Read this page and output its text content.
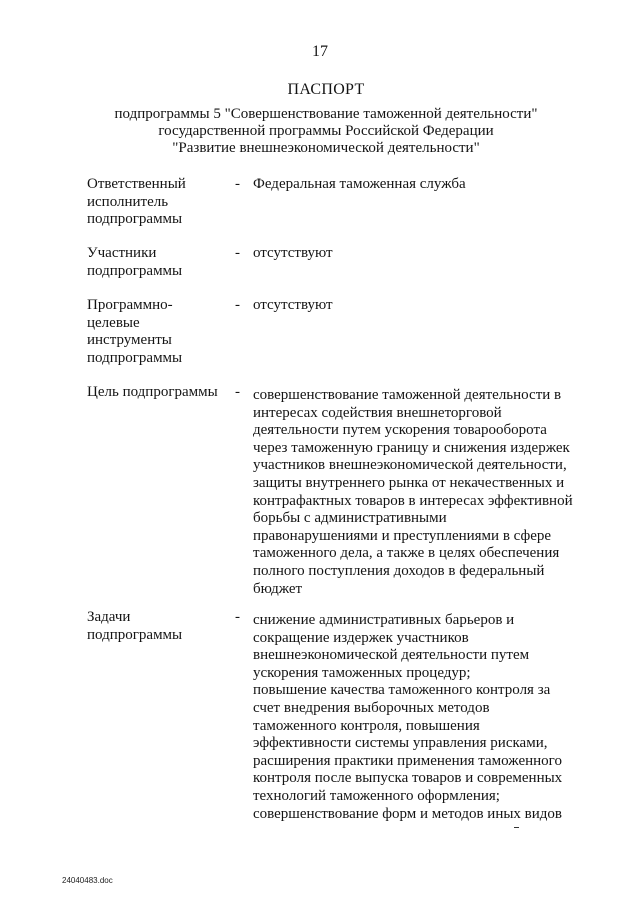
17
ПАСПОРТ
подпрограммы 5 "Совершенствование таможенной деятельности"
государственной программы Российской Федерации
"Развитие внешнеэкономической деятельности"
Ответственный
исполнитель
подпрограммы
- Федеральная таможенная служба
Участники
подпрограммы
- отсутствуют
Программно-
целевые
инструменты
подпрограммы
- отсутствуют
Цель подпрограммы	- совершенствование таможенной деятельности в
интересах содействия внешнеторговой
деятельности путем ускорения товарооборота
через таможенную границу и снижения издержек
участников внешнеэкономической деятельности,
защиты внутреннего рынка от некачественных и
контрафактных товаров в интересах эффективной
борьбы с административными
правонарушениями и преступлениями в сфере
таможенного дела, а также в целях обеспечения
полного поступления доходов в федеральный
бюджет
Задачи
подпрограммы
- снижение административных барьеров и
сокращение издержек участников
внешнеэкономической деятельности путем
ускорения таможенных процедур;
повышение качества таможенного контроля за
счет внедрения выборочных методов
таможенного контроля, повышения
эффективности системы управления рисками,
расширения практики применения таможенного
контроля после выпуска товаров и современных
технологий таможенного оформления;
совершенствование форм и методов иных видов
24040483.doc
